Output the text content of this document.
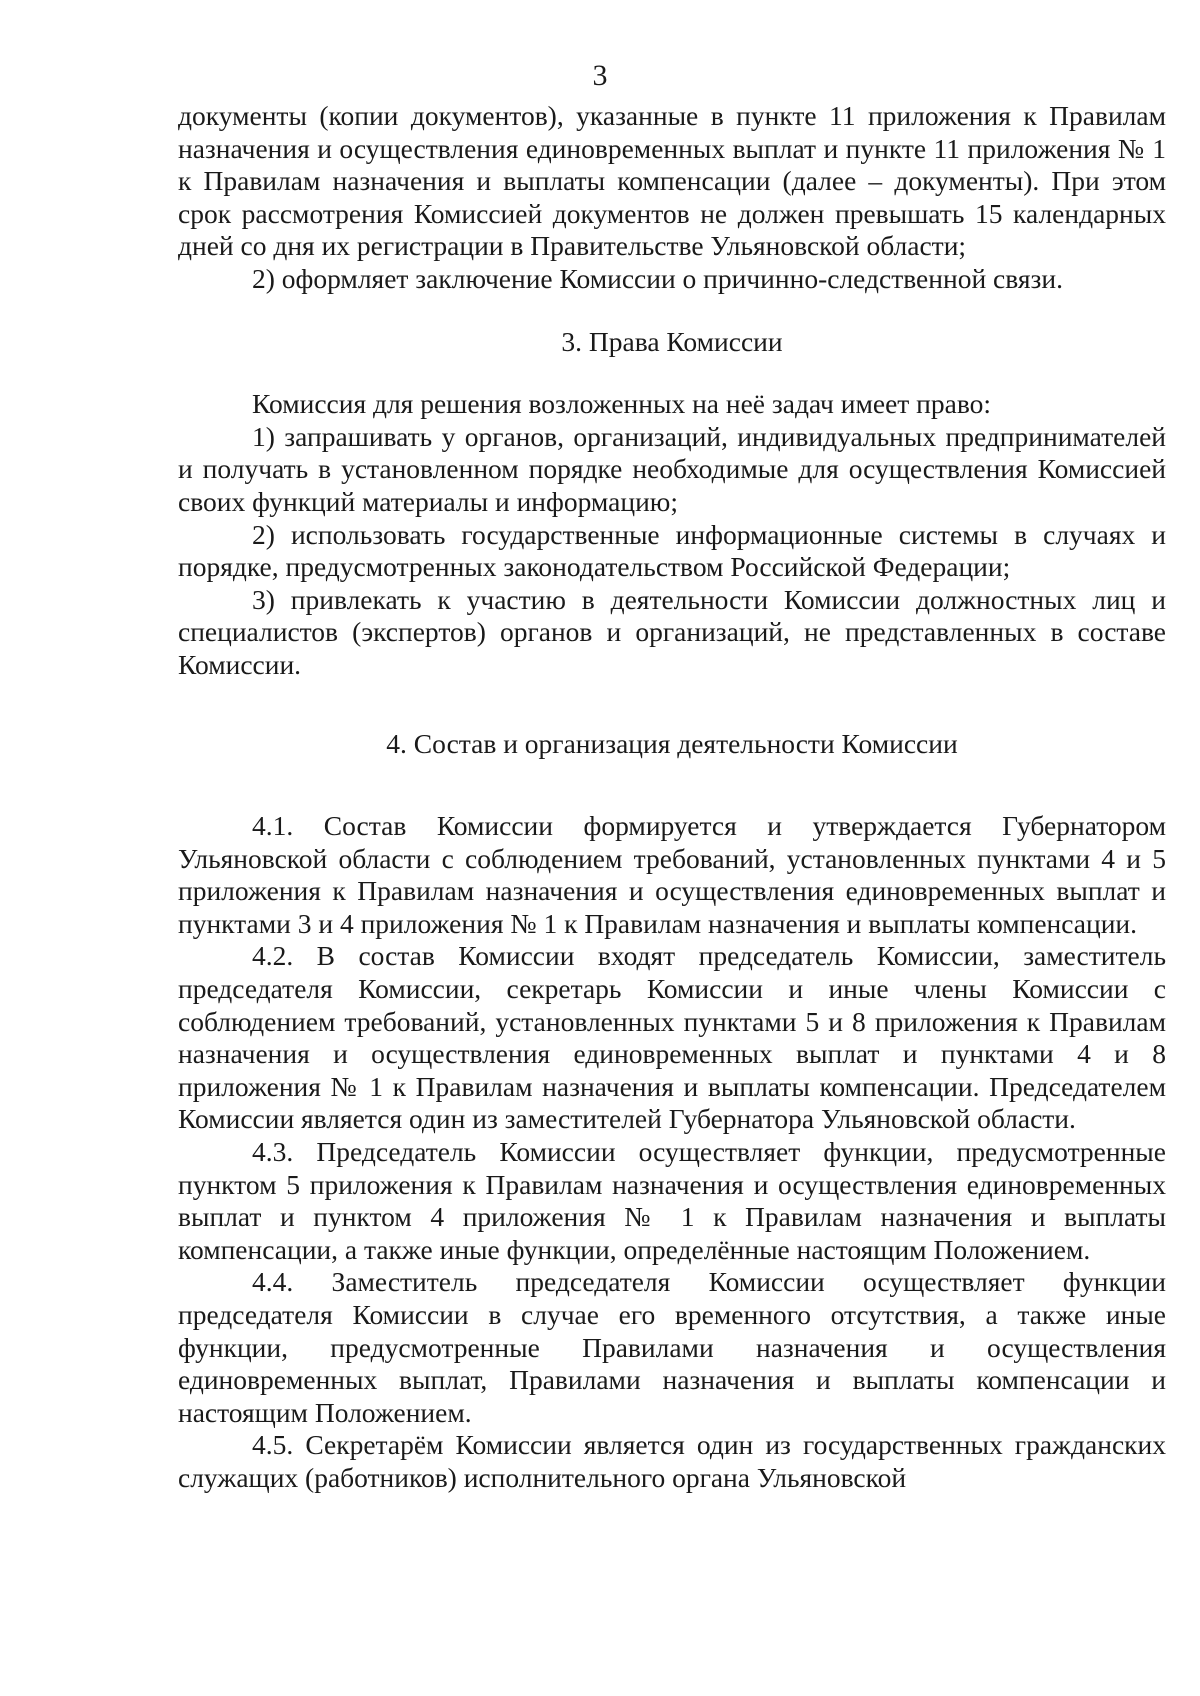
3

документы (копии документов), указанные в пункте 11 приложения к Правилам назначения и осуществления единовременных выплат и пункте 11 приложения № 1 к Правилам назначения и выплаты компенсации (далее – документы). При этом срок рассмотрения Комиссией документов не должен превышать 15 календарных дней со дня их регистрации в Правительстве Ульяновской области;

2) оформляет заключение Комиссии о причинно-следственной связи.

3. Права Комиссии

Комиссия для решения возложенных на неё задач имеет право:

1) запрашивать у органов, организаций, индивидуальных предпринимателей и получать в установленном порядке необходимые для осуществления Комиссией своих функций материалы и информацию;

2) использовать государственные информационные системы в случаях и порядке, предусмотренных законодательством Российской Федерации;

3) привлекать к участию в деятельности Комиссии должностных лиц и специалистов (экспертов) органов и организаций, не представленных в составе Комиссии.

4. Состав и организация деятельности Комиссии

4.1. Состав Комиссии формируется и утверждается Губернатором Ульяновской области с соблюдением требований, установленных пунктами 4 и 5 приложения к Правилам назначения и осуществления единовременных выплат и пунктами 3 и 4 приложения № 1 к Правилам назначения и выплаты компенсации.

4.2. В состав Комиссии входят председатель Комиссии, заместитель председателя Комиссии, секретарь Комиссии и иные члены Комиссии с соблюдением требований, установленных пунктами 5 и 8 приложения к Правилам назначения и осуществления единовременных выплат и пунктами 4 и 8 приложения № 1 к Правилам назначения и выплаты компенсации. Председателем Комиссии является один из заместителей Губернатора Ульяновской области.

4.3. Председатель Комиссии осуществляет функции, предусмотренные пунктом 5 приложения к Правилам назначения и осуществления единовременных выплат и пунктом 4 приложения № 1 к Правилам назначения и выплаты компенсации, а также иные функции, определённые настоящим Положением.

4.4. Заместитель председателя Комиссии осуществляет функции председателя Комиссии в случае его временного отсутствия, а также иные функции, предусмотренные Правилами назначения и осуществления единовременных выплат, Правилами назначения и выплаты компенсации и настоящим Положением.

4.5. Секретарём Комиссии является один из государственных гражданских служащих (работников) исполнительного органа Ульяновской
